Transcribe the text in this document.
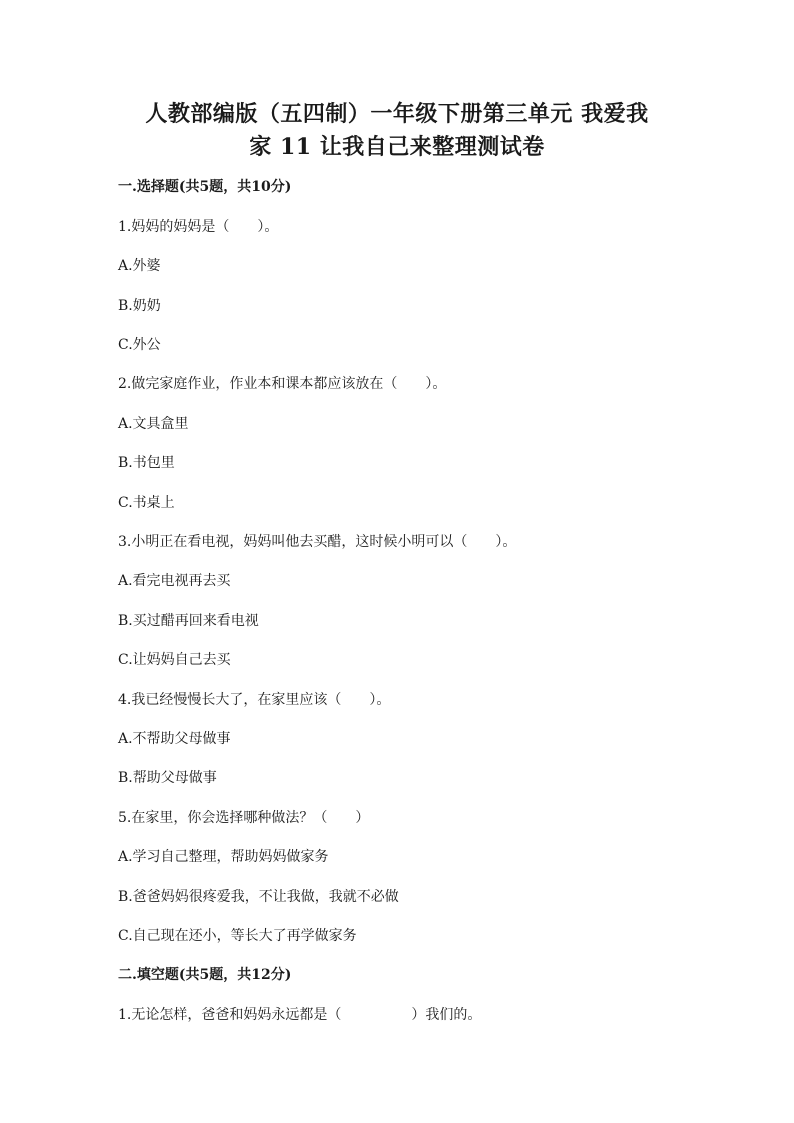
人教部编版（五四制）一年级下册第三单元 我爱我
家 11 让我自己来整理测试卷
一.选择题(共5题，共10分)
1.妈妈的妈妈是（　　）。
A.外婆
B.奶奶
C.外公
2.做完家庭作业，作业本和课本都应该放在（　　）。
A.文具盒里
B.书包里
C.书桌上
3.小明正在看电视，妈妈叫他去买醋，这时候小明可以（　　）。
A.看完电视再去买
B.买过醋再回来看电视
C.让妈妈自己去买
4.我已经慢慢长大了，在家里应该（　　）。
A.不帮助父母做事
B.帮助父母做事
5.在家里，你会选择哪种做法？（　　）
A.学习自己整理，帮助妈妈做家务
B.爸爸妈妈很疼爱我，不让我做，我就不必做
C.自己现在还小，等长大了再学做家务
二.填空题(共5题，共12分)
1.无论怎样，爸爸和妈妈永远都是（　　　　　）我们的。
